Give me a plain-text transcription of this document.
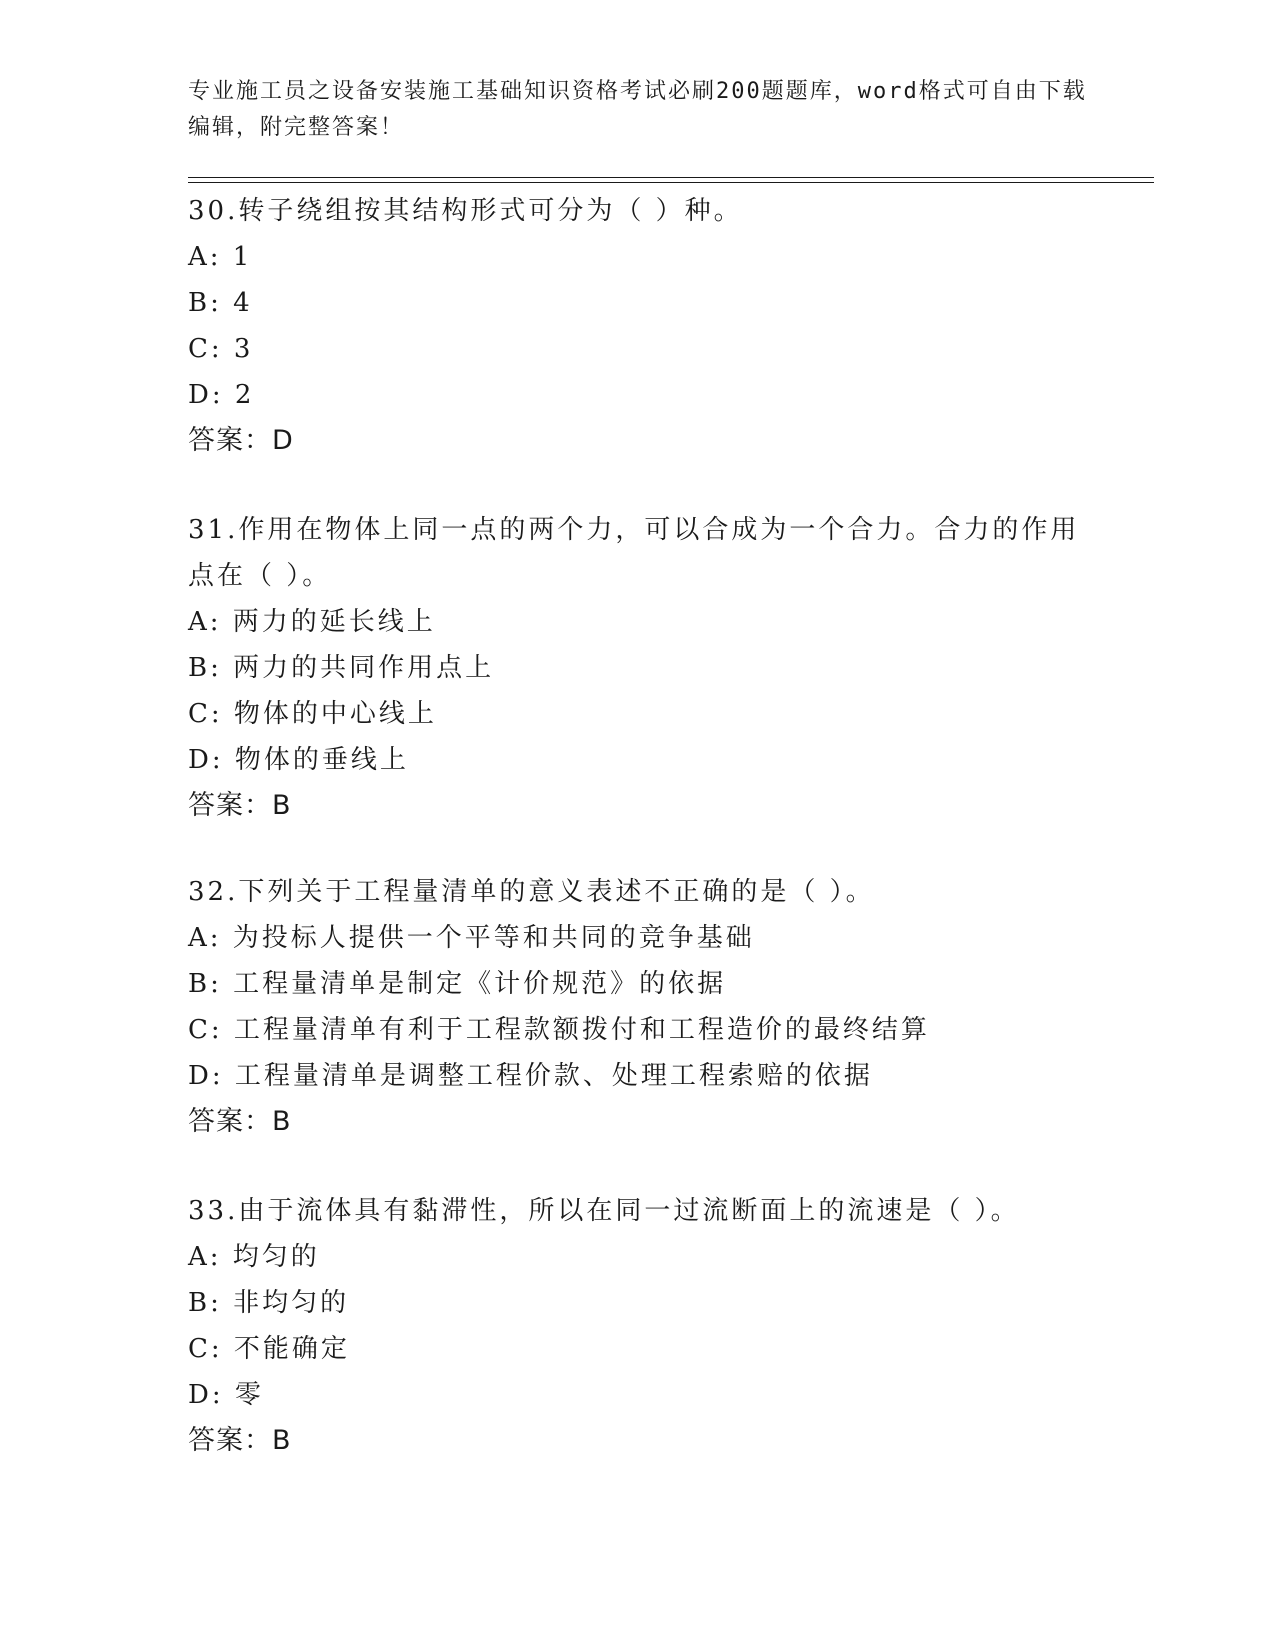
专业施工员之设备安装施工基础知识资格考试必刷200题题库，word格式可自由下载编辑，附完整答案！
30.转子绕组按其结构形式可分为（ ）种。
A: 1
B: 4
C: 3
D: 2
答案：D
31.作用在物体上同一点的两个力，可以合成为一个合力。合力的作用点在（ ）。
A: 两力的延长线上
B: 两力的共同作用点上
C: 物体的中心线上
D: 物体的垂线上
答案：B
32.下列关于工程量清单的意义表述不正确的是（ ）。
A: 为投标人提供一个平等和共同的竞争基础
B: 工程量清单是制定《计价规范》的依据
C: 工程量清单有利于工程款额拨付和工程造价的最终结算
D: 工程量清单是调整工程价款、处理工程索赔的依据
答案：B
33.由于流体具有黏滞性，所以在同一过流断面上的流速是（ ）。
A: 均匀的
B: 非均匀的
C: 不能确定
D: 零
答案：B
